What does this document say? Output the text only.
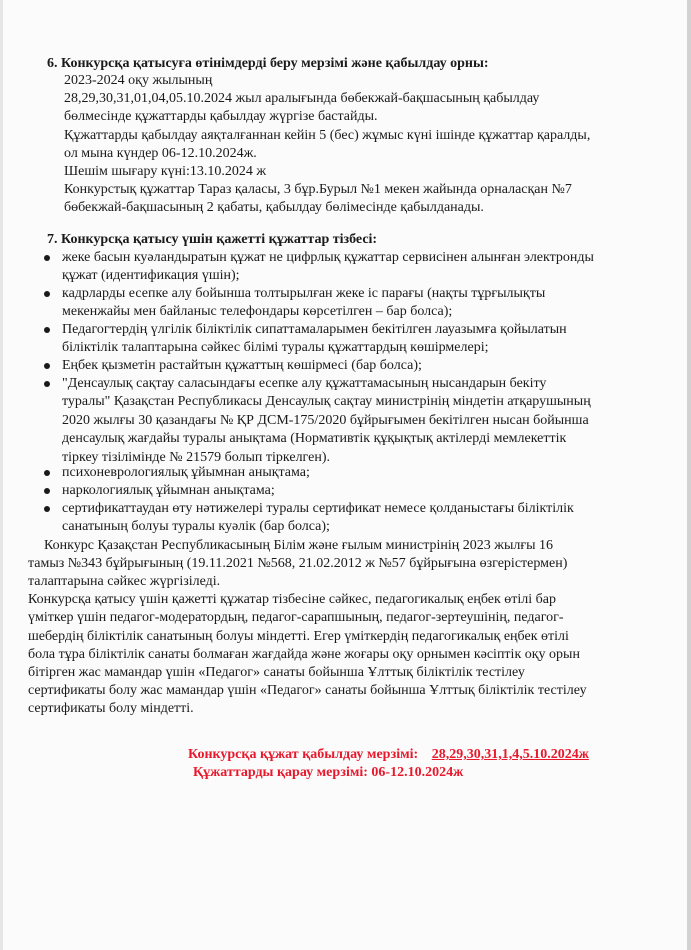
6. Конкурсқа қатысуға өтінімдерді беру мерзімі және қабылдау орны:
2023-2024 оқу жылының
28,29,30,31,01,04,05.10.2024 жыл аралығында бөбекжай-бақшасының қабылдау
бөлмесінде құжаттарды қабылдау жүргізе бастайды.
Құжаттарды қабылдау аяқталғаннан кейін 5 (бес) жұмыс күні ішінде құжаттар қаралды,
ол мына күндер 06-12.10.2024ж.
Шешім шығару күні:13.10.2024 ж
Конкурстық құжаттар Тараз қаласы, 3 бұр.Бурыл №1 мекен жайында орналасқан №7
бөбекжай-бақшасының 2 қабаты, қабылдау бөлімесінде қабылданады.
7. Конкурсқа қатысу үшін қажетті құжаттар тізбесі:
жеке басын куәландыратын құжат не цифрлық құжаттар сервисінен алынған электронды
құжат (идентификация үшін);
кадрларды есепке алу бойынша толтырылған жеке іс парағы (нақты тұрғылықты
мекенжайы мен байланыс телефондары көрсетілген – бар болса);
Педагогтердің үлгілік біліктілік сипаттамаларымен бекітілген лауазымға қойылатын
біліктілік талаптарына сәйкес білімі туралы құжаттардың көшірмелері;
Еңбек қызметін растайтын құжаттың көшірмесі (бар болса);
"Денсаулық сақтау саласындағы есепке алу құжаттамасының нысандарын бекіту
туралы" Қазақстан Республикасы Денсаулық сақтау министрінің міндетін атқарушының
2020 жылғы 30 қазандағы № ҚР ДСМ-175/2020 бұйрығымен бекітілген нысан бойынша
денсаулық жағдайы туралы анықтама (Нормативтік құқықтық актілерді мемлекеттік
тіркеу тізілімінде № 21579 болып тіркелген).
психоневрологиялық ұйымнан анықтама;
наркологиялық ұйымнан анықтама;
сертификаттаудан өту нәтижелері туралы сертификат немесе қолданыстағы біліктілік
санатының болуы туралы куәлік (бар болса);
Конкурс Қазақстан Республикасының Білім және ғылым министрінің 2023 жылғы 16
тамыз №343 бұйрығының (19.11.2021 №568, 21.02.2012 ж №57 бұйрығына өзгерістермен)
талаптарына сәйкес жүргізіледі.
Конкурсқа қатысу үшін қажетті құжатар тізбесіне сәйкес, педагогикалық еңбек өтілі бар
үміткер үшін педагог-модератордың, педагог-сарапшының, педагог-зертеушінің, педагог-
шебердің біліктілік санатының болуы міндетті. Егер үміткердің педагогикалық еңбек өтілі
бола тұра біліктілік санаты болмаған жағдайда және жоғары оқу орнымен кәсіптік оқу орын
бітірген жас мамандар үшін «Педагог» санаты бойынша Ұлттық біліктілік тестілеу
сертификаты болу жас мамандар үшін «Педагог» санаты бойынша Ұлттық біліктілік тестілеу
сертификаты болу міндетті.
Конкурсқа құжат қабылдау мерзімі: 28,29,30,31,1,4,5.10.2024ж
Құжаттарды қарау мерзімі: 06-12.10.2024ж
